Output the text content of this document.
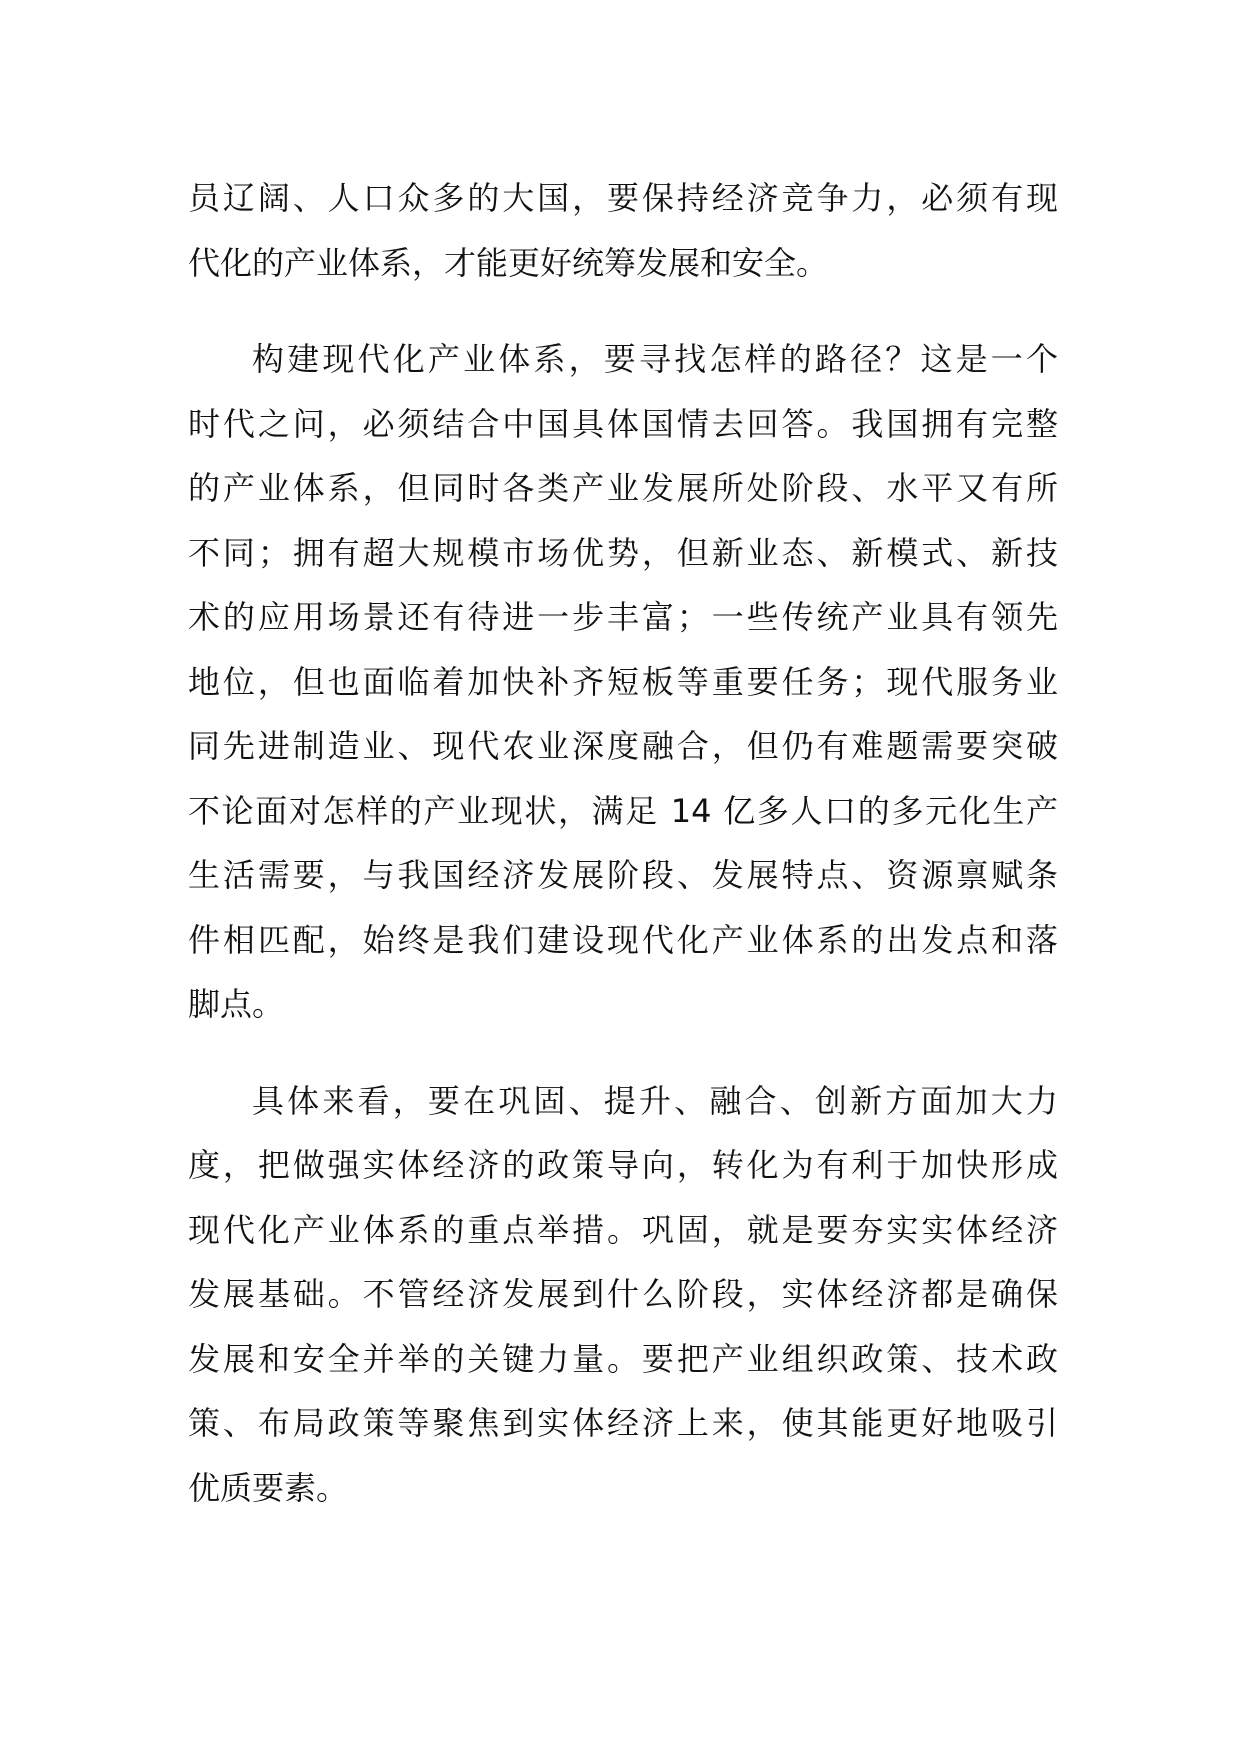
员辽阔、人口众多的大国，要保持经济竞争力，必须有现
代化的产业体系，才能更好统筹发展和安全。
构建现代化产业体系，要寻找怎样的路径？这是一个
时代之问，必须结合中国具体国情去回答。我国拥有完整
的产业体系，但同时各类产业发展所处阶段、水平又有所
不同；拥有超大规模市场优势，但新业态、新模式、新技
术的应用场景还有待进一步丰富；一些传统产业具有领先
地位，但也面临着加快补齐短板等重要任务；现代服务业
同先进制造业、现代农业深度融合，但仍有难题需要突破
不论面对怎样的产业现状，满足 14 亿多人口的多元化生产
生活需要，与我国经济发展阶段、发展特点、资源禀赋条
件相匹配，始终是我们建设现代化产业体系的出发点和落
脚点。
具体来看，要在巩固、提升、融合、创新方面加大力
度，把做强实体经济的政策导向，转化为有利于加快形成
现代化产业体系的重点举措。巩固，就是要夯实实体经济
发展基础。不管经济发展到什么阶段，实体经济都是确保
发展和安全并举的关键力量。要把产业组织政策、技术政
策、布局政策等聚焦到实体经济上来，使其能更好地吸引
优质要素。
